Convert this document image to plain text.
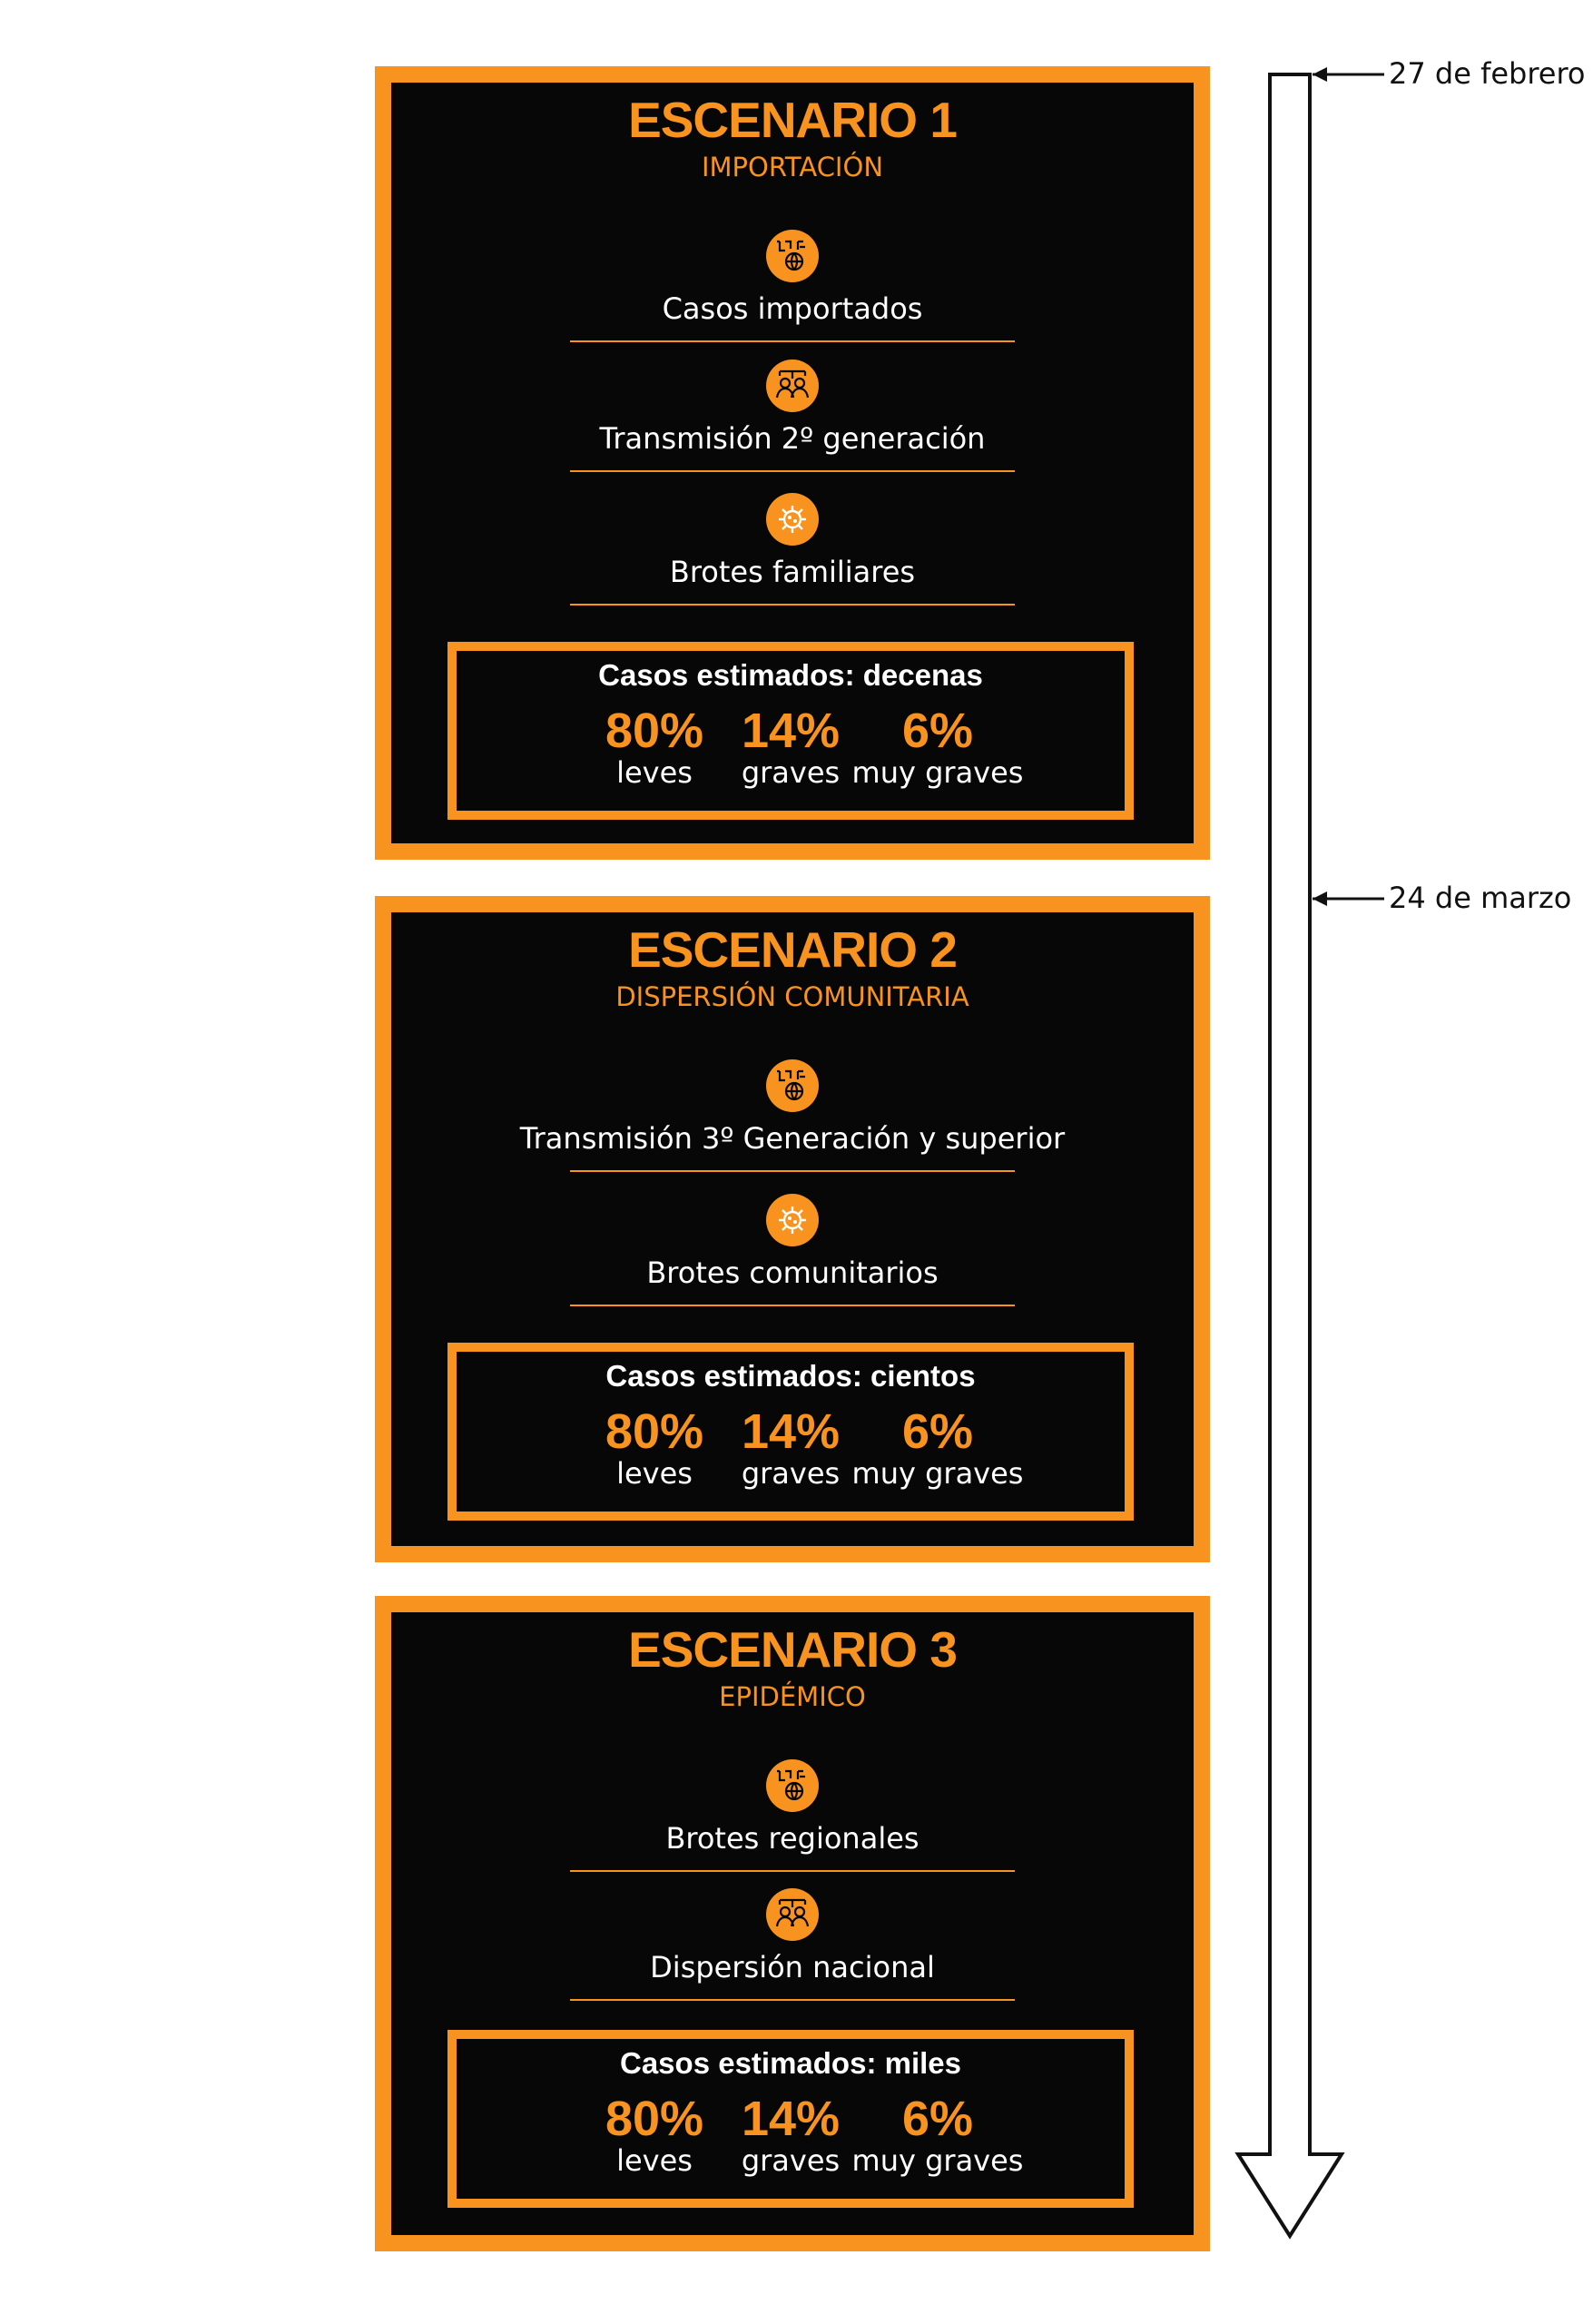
ESCENARIO 1
IMPORTACIÓN
Casos importados
Transmisión 2º generación
Brotes familiares
Casos estimados: decenas
80%
leves
14%
graves
6%
muy graves
ESCENARIO 2
DISPERSIÓN COMUNITARIA
Transmisión 3º Generación y superior
Brotes comunitarios
Casos estimados: cientos
80%
leves
14%
graves
6%
muy graves
ESCENARIO 3
EPIDÉMICO
Brotes regionales
Dispersión nacional
Casos estimados: miles
80%
leves
14%
graves
6%
muy graves
27 de febrero
24 de marzo
